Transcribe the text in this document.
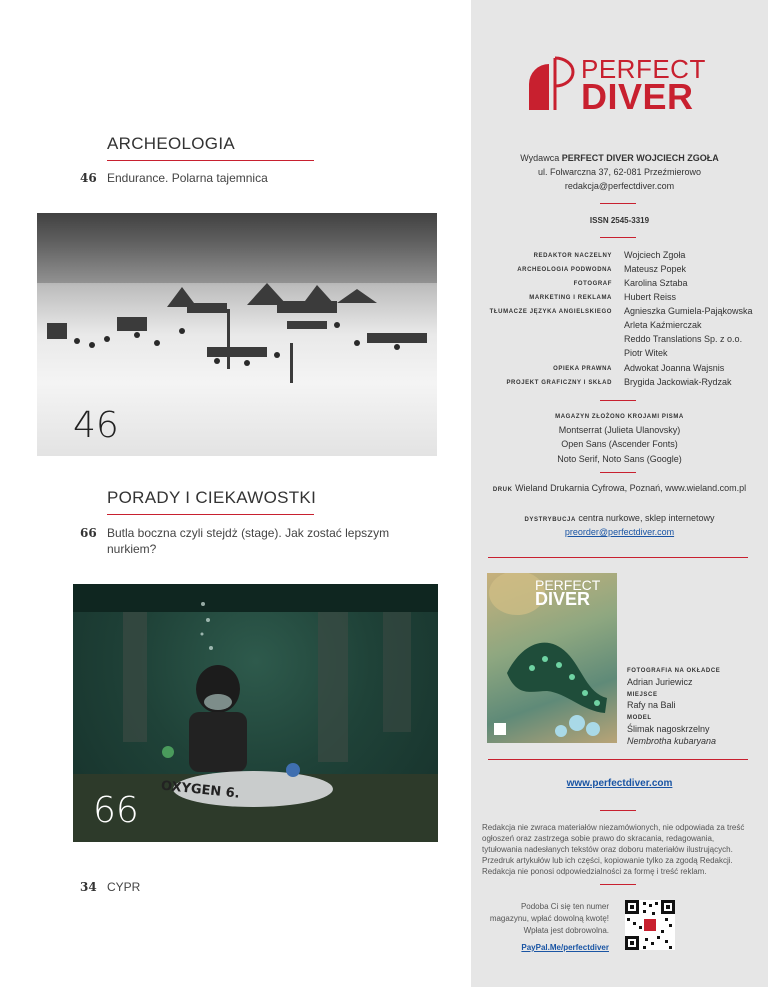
ARCHEOLOGIA
46 Endurance. Polarna tajemnica
46
PORADY I CIEKAWOSTKI
66 Butla boczna czyli stejdż (stage). Jak zostać lepszym nurkiem?
OXYGEN 6.
66
34 CYPR
PERFECT
DIVER
Wydawca PERFECT DIVER WOJCIECH ZGOŁA
ul. Folwarczna 37, 62-081 Przeźmierowo
redakcja@perfectdiver.com
ISSN 2545-3319
REDAKTOR NACZELNY Wojciech Zgoła
ARCHEOLOGIA PODWODNA Mateusz Popek
FOTOGRAF Karolina Sztaba
MARKETING I REKLAMA Hubert Reiss
TŁUMACZE JĘZYKA ANGIELSKIEGO Agnieszka Gumiela-Pająkowska
Arleta Kaźmierczak
Reddo Translations Sp. z o.o.
Piotr Witek
OPIEKA PRAWNA Adwokat Joanna Wajsnis
PROJEKT GRAFICZNY I SKŁAD Brygida Jackowiak-Rydzak
MAGAZYN ZŁOŻONO KROJAMI PISMA
Montserrat (Julieta Ulanovsky)
Open Sans (Ascender Fonts)
Noto Serif, Noto Sans (Google)
DRUK Wieland Drukarnia Cyfrowa, Poznań, www.wieland.com.pl
DYSTRYBUCJA centra nurkowe, sklep internetowy
preorder@perfectdiver.com
PERFECT
DIVER
FOTOGRAFIA NA OKŁADCE
Adrian Juriewicz
MIEJSCE
Rafy na Bali
MODEL
Ślimak nagoskrzelny
Nembrotha kubaryana
www.perfectdiver.com
Redakcja nie zwraca materiałów niezamówionych, nie odpowiada za treść ogłoszeń oraz zastrzega sobie prawo do skracania, redagowania, tytułowania nadesłanych tekstów oraz doboru materiałów ilustrujących. Przedruk artykułów lub ich części, kopiowanie tylko za zgodą Redakcji. Redakcja nie ponosi odpowiedzialności za formę i treść reklam.
Podoba Ci się ten numer
magazynu, wpłać dowolną kwotę!
Wpłata jest dobrowolna.
PayPal.Me/perfectdiver
